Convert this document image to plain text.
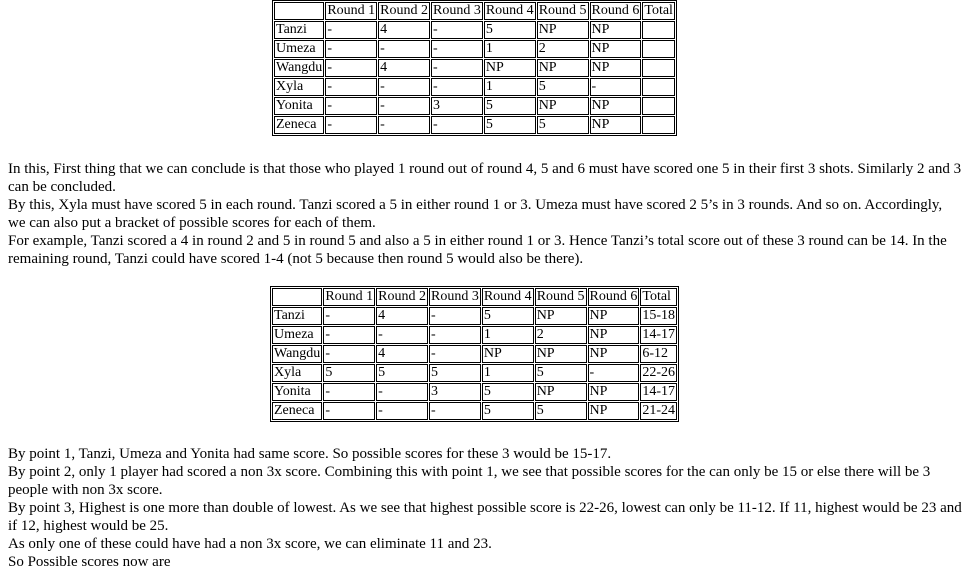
	Round 1	Round 2	Round 3	Round 4	Round 5	Round 6	Total
Tanzi	-	4	-	5	NP	NP	
Umeza	-	-	-	1	2	NP	
Wangdu	-	4	-	NP	NP	NP	
Xyla	-	-	-	1	5	-	
Yonita	-	-	3	5	NP	NP	
Zeneca	-	-	-	5	5	NP	
In this, First thing that we can conclude is that those who played 1 round out of round 4, 5 and 6 must have scored one 5 in their first 3 shots. Similarly 2 and 3 can be concluded.
By this, Xyla must have scored 5 in each round. Tanzi scored a 5 in either round 1 or 3. Umeza must have scored 2 5’s in 3 rounds. And so on. Accordingly, we can also put a bracket of possible scores for each of them.
For example, Tanzi scored a 4 in round 2 and 5 in round 5 and also a 5 in either round 1 or 3. Hence Tanzi’s total score out of these 3 round can be 14. In the remaining round, Tanzi could have scored 1-4 (not 5 because then round 5 would also be there).
	Round 1	Round 2	Round 3	Round 4	Round 5	Round 6	Total
Tanzi	-	4	-	5	NP	NP	15-18
Umeza	-	-	-	1	2	NP	14-17
Wangdu	-	4	-	NP	NP	NP	6-12
Xyla	5	5	5	1	5	-	22-26
Yonita	-	-	3	5	NP	NP	14-17
Zeneca	-	-	-	5	5	NP	21-24
By point 1, Tanzi, Umeza and Yonita had same score. So possible scores for these 3 would be 15-17.
By point 2, only 1 player had scored a non 3x score. Combining this with point 1, we see that possible scores for the can only be 15 or else there will be 3 people with non 3x score.
By point 3, Highest is one more than double of lowest. As we see that highest possible score is 22-26, lowest can only be 11-12. If 11, highest would be 23 and if 12, highest would be 25.
As only one of these could have had a non 3x score, we can eliminate 11 and 23.
So Possible scores now are
